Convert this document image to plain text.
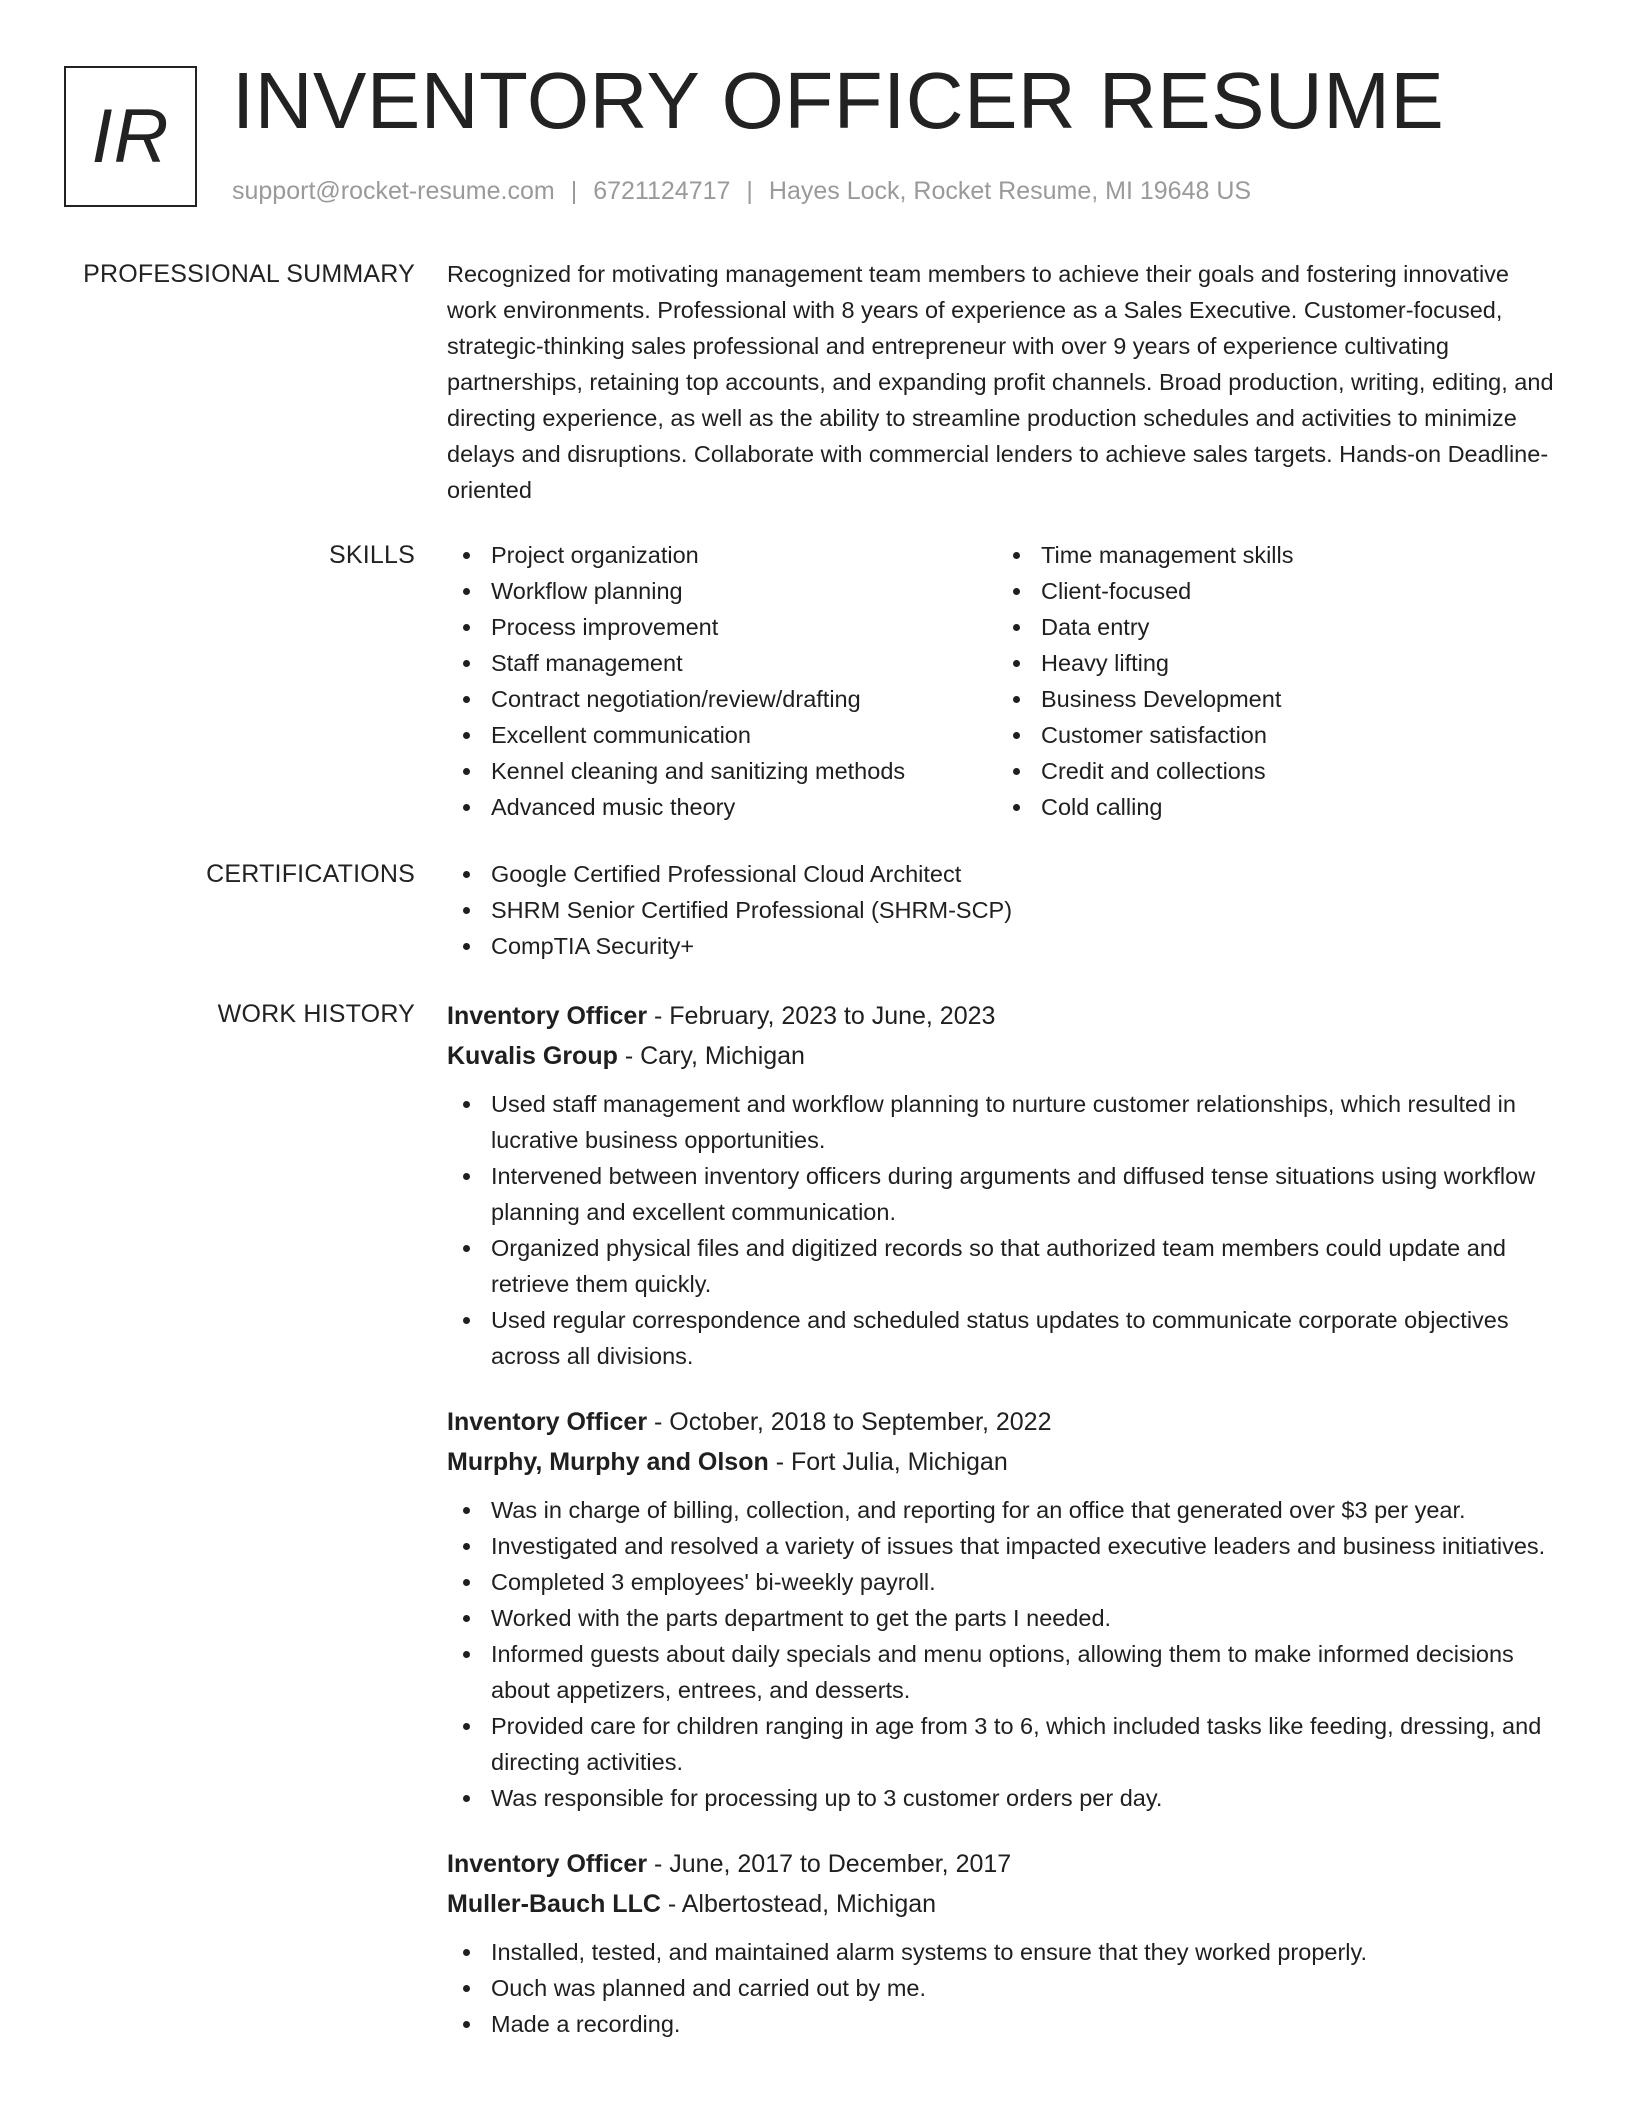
IR INVENTORY OFFICER RESUME
support@rocket-resume.com | 6721124717 | Hayes Lock, Rocket Resume, MI 19648 US
PROFESSIONAL SUMMARY Recognized for motivating management team members to achieve their goals and fostering innovative work environments. Professional with 8 years of experience as a Sales Executive. Customer-focused, strategic-thinking sales professional and entrepreneur with over 9 years of experience cultivating partnerships, retaining top accounts, and expanding profit channels. Broad production, writing, editing, and directing experience, as well as the ability to streamline production schedules and activities to minimize delays and disruptions. Collaborate with commercial lenders to achieve sales targets. Hands-on Deadline-oriented
SKILLS	Project organization
Workflow planning
Process improvement
Staff management
Contract negotiation/review/drafting
Excellent communication
Kennel cleaning and sanitizing methods
Advanced music theory
Time management skills
Client-focused
Data entry
Heavy lifting
Business Development
Customer satisfaction
Credit and collections
Cold calling
CERTIFICATIONS	Google Certified Professional Cloud Architect
SHRM Senior Certified Professional (SHRM-SCP)
CompTIA Security+
WORK HISTORY Inventory Officer - February, 2023 to June, 2023
Kuvalis Group - Cary, Michigan
Used staff management and workflow planning to nurture customer relationships, which resulted in lucrative business opportunities.
Intervened between inventory officers during arguments and diffused tense situations using workflow planning and excellent communication.
Organized physical files and digitized records so that authorized team members could update and retrieve them quickly.
Used regular correspondence and scheduled status updates to communicate corporate objectives across all divisions.
Inventory Officer - October, 2018 to September, 2022
Murphy, Murphy and Olson - Fort Julia, Michigan
Was in charge of billing, collection, and reporting for an office that generated over $3 per year.
Investigated and resolved a variety of issues that impacted executive leaders and business initiatives.
Completed 3 employees' bi-weekly payroll.
Worked with the parts department to get the parts I needed.
Informed guests about daily specials and menu options, allowing them to make informed decisions about appetizers, entrees, and desserts.
Provided care for children ranging in age from 3 to 6, which included tasks like feeding, dressing, and directing activities.
Was responsible for processing up to 3 customer orders per day.
Inventory Officer - June, 2017 to December, 2017
Muller-Bauch LLC - Albertostead, Michigan
Installed, tested, and maintained alarm systems to ensure that they worked properly.
Ouch was planned and carried out by me.
Made a recording.
